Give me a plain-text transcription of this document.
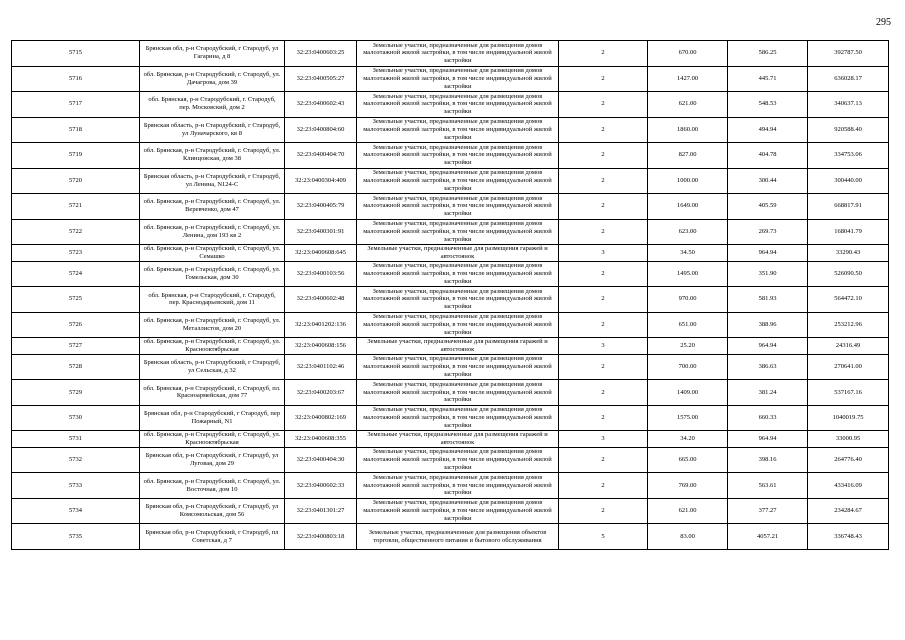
295
5715	Брянская обл, р-н Стародубский, г Стародуб, ул Гагарина, д 8	32:23:0400603:25	Земельные участки, предназначенные для размещения домов малоэтажной жилой застройки, в том числе индивидуальной жилой застройки	2	670.00	586.25	392787.50
5716	обл. Брянская, р-н Стародубский, г. Стародуб, ул. Дачагрова, дом 39	32:23:0400505:27	Земельные участки, предназначенные для размещения домов малоэтажной жилой застройки, в том числе индивидуальной жилой застройки	2	1427.00	445.71	636028.17
5717	обл. Брянская, р-н Стародубский, г. Стародуб, пер. Московский, дом 2	32:23:0400602:43	Земельные участки, предназначенные для размещения домов малоэтажной жилой застройки, в том числе индивидуальной жилой застройки	2	621.00	548.53	340637.13
5718	Брянская область, р-н Стародубский, г Стародуб, ул Луначарского, кв 8	32:23:0400804:60	Земельные участки, предназначенные для размещения домов малоэтажной жилой застройки, в том числе индивидуальной жилой застройки	2	1860.00	494.94	920588.40
5719	обл. Брянская, р-н Стародубский, г. Стародуб, ул. Клинцовская, дом 38	32:23:0400404:70	Земельные участки, предназначенные для размещения домов малоэтажной жилой застройки, в том числе индивидуальной жилой застройки	2	827.00	404.78	334753.06
5720	Брянская область, р-н Стародубский, г Стародуб, ул Ленина, N124-С	32:23:0400304:409	Земельные участки, предназначенные для размещения домов малоэтажной жилой застройки, в том числе индивидуальной жилой застройки	2	1000.00	300.44	300440.00
5721	обл. Брянская, р-н Стародубский, г. Стародуб, ул. Веревченко, дом 47	32:23:0400405:79	Земельные участки, предназначенные для размещения домов малоэтажной жилой застройки, в том числе индивидуальной жилой застройки	2	1649.00	405.59	668817.91
5722	обл. Брянская, р-н Стародубский, г. Стародуб, ул. Ленина, дом 193 кв 2	32:23:0400301:91	Земельные участки, предназначенные для размещения домов малоэтажной жилой застройки, в том числе индивидуальной жилой застройки	2	623.00	269.73	168041.79
5723	обл. Брянская, р-н Стародубский, г. Стародуб, ул. Семашко	32:23:0400608:645	Земельные участки, предназначенные для размещения гаражей и автостоянок	3	34.50	964.94	33290.43
5724	обл. Брянская, р-н Стародубский, г. Стародуб, ул. Гомельская, дом 30	32:23:0400103:56	Земельные участки, предназначенные для размещения домов малоэтажной жилой застройки, в том числе индивидуальной жилой застройки	2	1495.00	351.90	526090.50
5725	обл. Брянская, р-н Стародубский, г. Стародуб, пер. Краснодарьевский, дом 11	32:23:0400602:48	Земельные участки, предназначенные для размещения домов малоэтажной жилой застройки, в том числе индивидуальной жилой застройки	2	970.00	581.93	564472.10
5726	обл. Брянская, р-н Стародубский, г. Стародуб, ул. Металлистов, дом 20	32:23:0401202:136	Земельные участки, предназначенные для размещения домов малоэтажной жилой застройки, в том числе индивидуальной жилой застройки	2	651.00	388.96	253212.96
5727	обл. Брянская, р-н Стародубский, г. Стародуб, ул. Краснооктябрьская	32:23:0400608:156	Земельные участки, предназначенные для размещения гаражей и автостоянок	3	25.20	964.94	24316.49
5728	Брянская область, р-н Стародубский, г Стародуб, ул Сельская, д 32	32:23:0401102:46	Земельные участки, предназначенные для размещения домов малоэтажной жилой застройки, в том числе индивидуальной жилой застройки	2	700.00	386.63	270641.00
5729	обл. Брянская, р-н Стародубский, г. Стародуб, пл. Красноармейская, дом 77	32:23:0400203:67	Земельные участки, предназначенные для размещения домов малоэтажной жилой застройки, в том числе индивидуальной жилой застройки	2	1409.00	381.24	537167.16
5730	Брянская обл, р-н Стародубский, г Стародуб, пер Пожарный, N1	32:23:0400802:169	Земельные участки, предназначенные для размещения домов малоэтажной жилой застройки, в том числе индивидуальной жилой застройки	2	1575.00	660.33	1040019.75
5731	обл. Брянская, р-н Стародубский, г. Стародуб, ул. Краснооктябрьская	32:23:0400608:355	Земельные участки, предназначенные для размещения гаражей и автостоянок	3	34.20	964.94	33000.95
5732	Брянская обл, р-н Стародубский, г Стародуб, ул Луговая, дом 29	32:23:0400404:30	Земельные участки, предназначенные для размещения домов малоэтажной жилой застройки, в том числе индивидуальной жилой застройки	2	665.00	398.16	264776.40
5733	обл. Брянская, р-н Стародубский, г. Стародуб, ул. Восточная, дом 10	32:23:0400602:33	Земельные участки, предназначенные для размещения домов малоэтажной жилой застройки, в том числе индивидуальной жилой застройки	2	769.00	563.61	433416.09
5734	Брянская обл, р-н Стародубский, г Стародуб, ул Комсомольская, дом 56	32:23:0401301:27	Земельные участки, предназначенные для размещения домов малоэтажной жилой застройки, в том числе индивидуальной жилой застройки	2	621.00	377.27	234284.67
5735	Брянская обл, р-н Стародубский, г Стародуб, пл Советская, д 7	32:23:0400803:18	Земельные участки, предназначенные для размещения объектов торговли, общественного питания и бытового обслуживания	5	83.00	4057.21	336748.43
